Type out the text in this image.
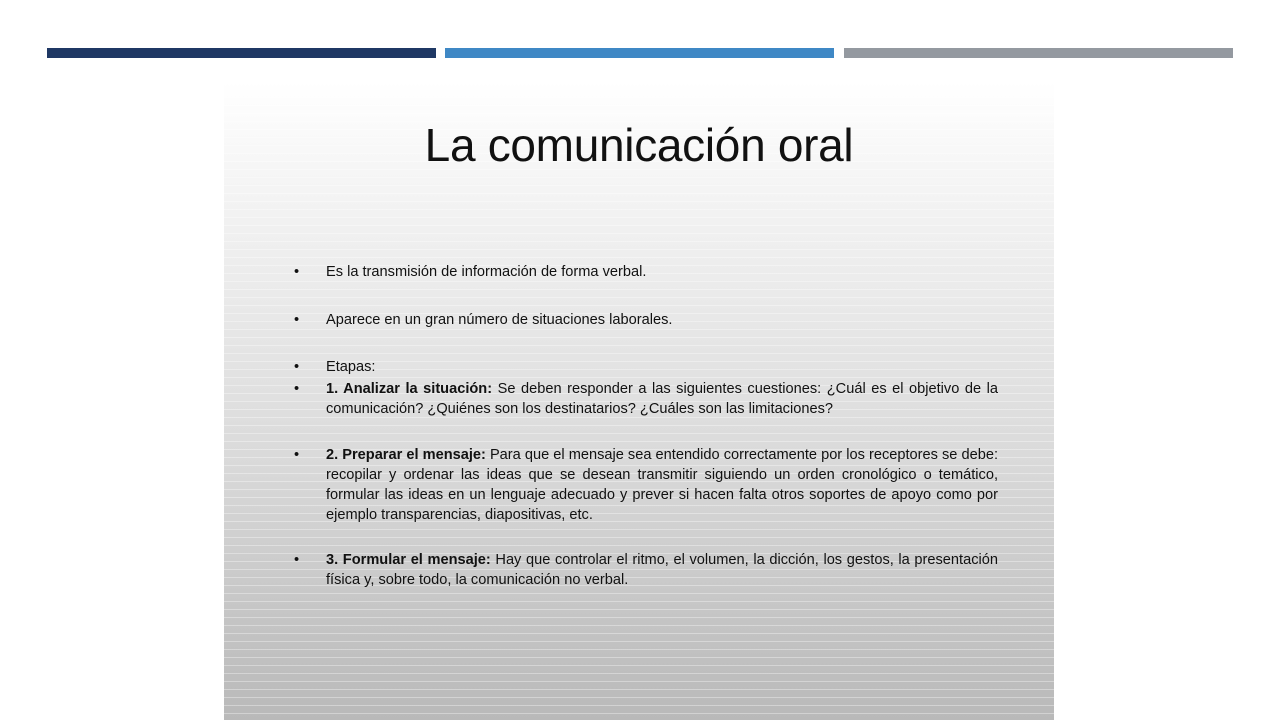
La comunicación oral
•	Es la transmisión de información de forma verbal.
•	Aparece en un gran número de situaciones laborales.
•	Etapas:
•	1. Analizar la situación: Se deben responder a las siguientes cuestiones: ¿Cuál es el objetivo de la comunicación? ¿Quiénes son los destinatarios? ¿Cuáles son las limitaciones?
•	2. Preparar el mensaje: Para que el mensaje sea entendido correctamente por los receptores se debe: recopilar y ordenar las ideas que se desean transmitir siguiendo un orden cronológico o temático, formular las ideas en un lenguaje adecuado y prever si hacen falta otros soportes de apoyo como por ejemplo transparencias, diapositivas, etc.
•	3. Formular el mensaje: Hay que controlar el ritmo, el volumen, la dicción, los gestos, la presentación física y, sobre todo, la comunicación no verbal.
